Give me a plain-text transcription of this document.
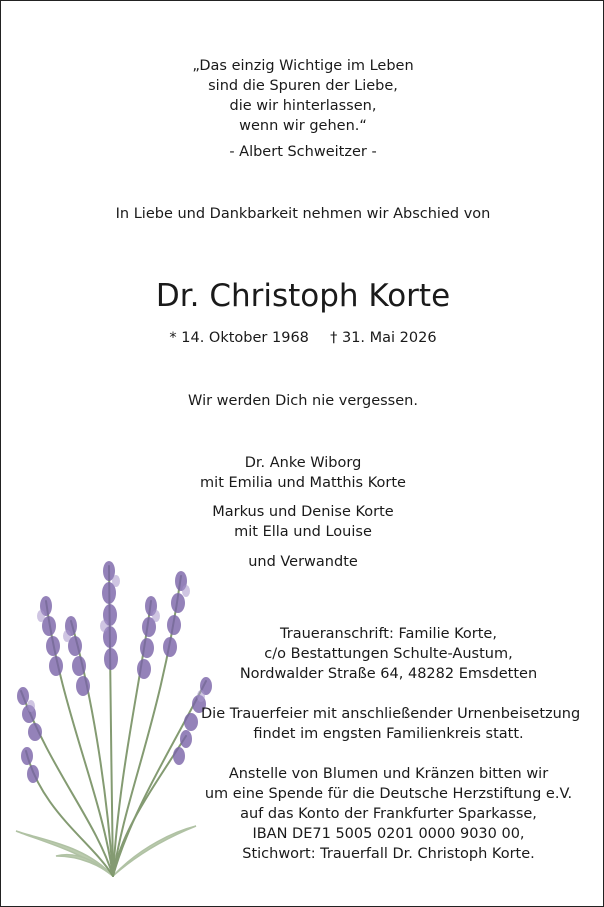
„Das einzig Wichtige im Leben
sind die Spuren der Liebe,
die wir hinterlassen,
wenn wir gehen.“
- Albert Schweitzer -
In Liebe und Dankbarkeit nehmen wir Abschied von
Dr. Christoph Korte
* 14. Oktober 1968 † 31. Mai 2026
Wir werden Dich nie vergessen.
Dr. Anke Wiborg
mit Emilia und Matthis Korte
Markus und Denise Korte
mit Ella und Louise
und Verwandte
Traueranschrift: Familie Korte,
c/o Bestattungen Schulte-Austum,
Nordwalder Straße 64, 48282 Emsdetten
Die Trauerfeier mit anschließender Urnenbeisetzung
findet im engsten Familienkreis statt.
Anstelle von Blumen und Kränzen bitten wir
um eine Spende für die Deutsche Herzstiftung e.V.
auf das Konto der Frankfurter Sparkasse,
IBAN DE71 5005 0201 0000 9030 00,
Stichwort: Trauerfall Dr. Christoph Korte.
